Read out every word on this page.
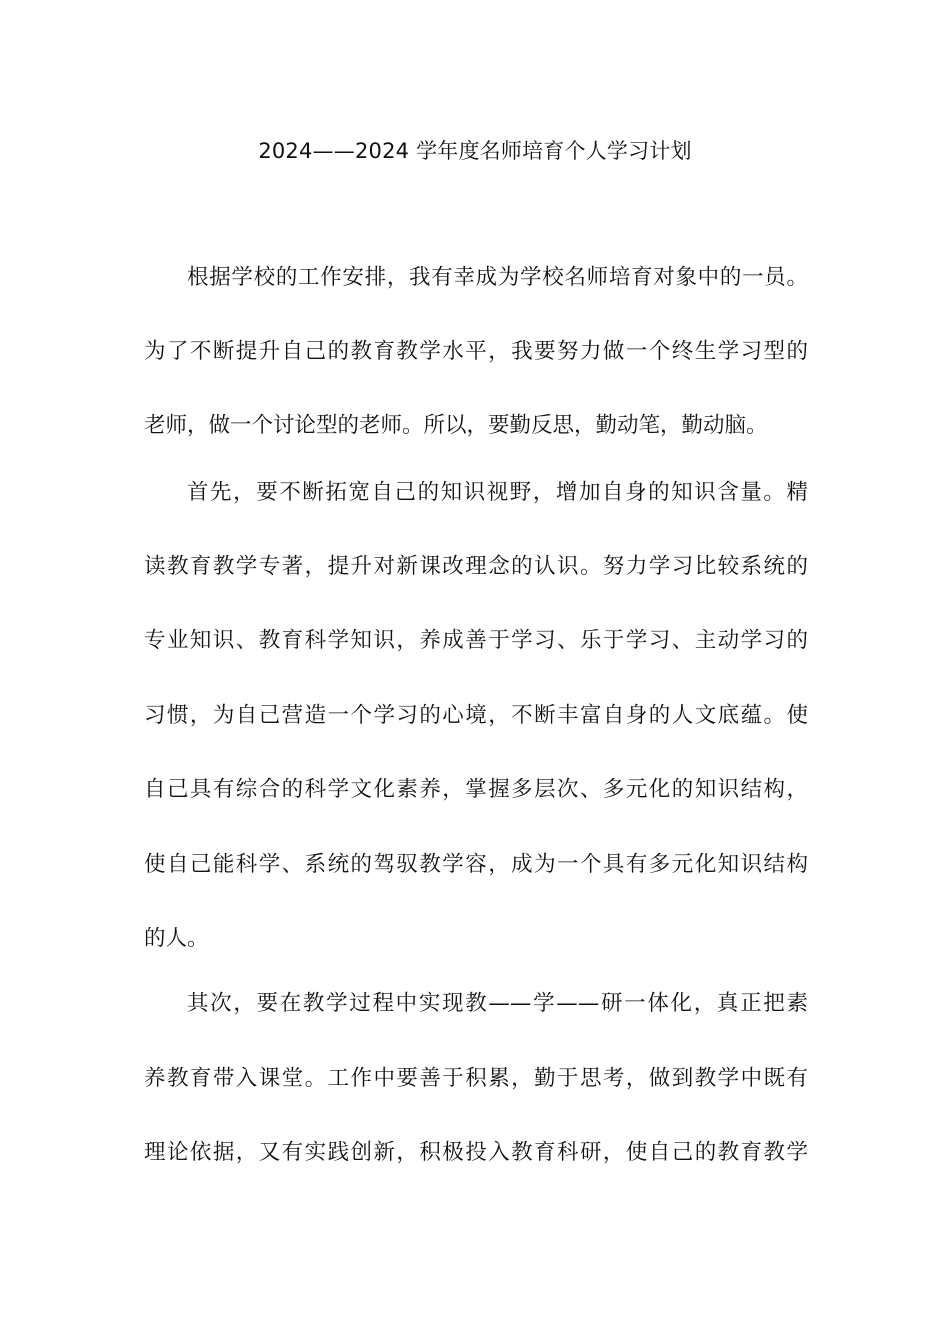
2024——2024 学年度名师培育个人学习计划
根据学校的工作安排，我有幸成为学校名师培育对象中的一员。
为了不断提升自己的教育教学水平，我要努力做一个终生学习型的
老师，做一个讨论型的老师。所以，要勤反思，勤动笔，勤动脑。
首先，要不断拓宽自己的知识视野，增加自身的知识含量。精
读教育教学专著，提升对新课改理念的认识。努力学习比较系统的
专业知识、教育科学知识，养成善于学习、乐于学习、主动学习的
习惯，为自己营造一个学习的心境，不断丰富自身的人文底蕴。使
自己具有综合的科学文化素养，掌握多层次、多元化的知识结构，
使自己能科学、系统的驾驭教学容，成为一个具有多元化知识结构
的人。
其次，要在教学过程中实现教——学——研一体化，真正把素
养教育带入课堂。工作中要善于积累，勤于思考，做到教学中既有
理论依据，又有实践创新，积极投入教育科研，使自己的教育教学
